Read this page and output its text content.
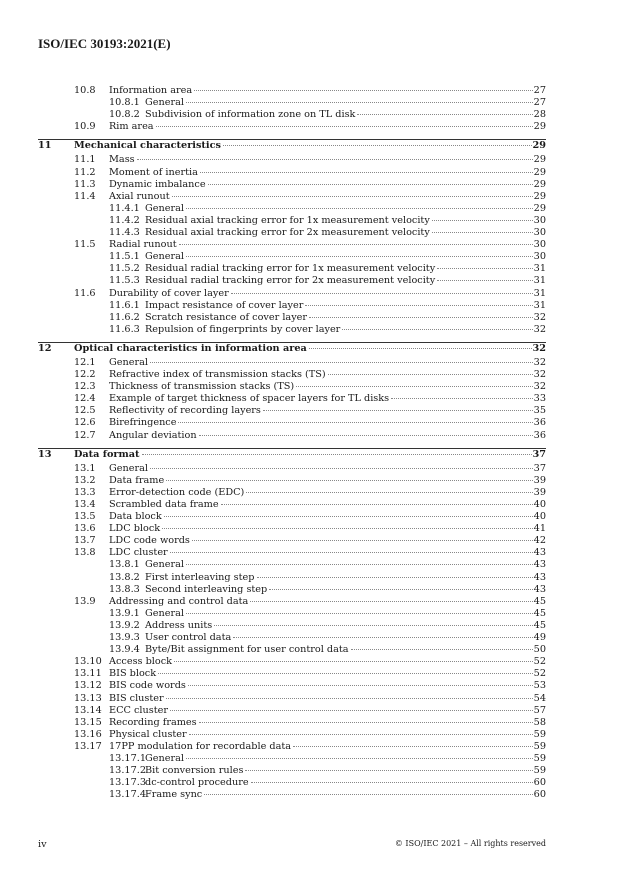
ISO/IEC 30193:2021(E)
10.8 Information area	27
10.8.1 General	27
10.8.2 Subdivision of information zone on TL disk	28
10.9 Rim area	29
11 Mechanical characteristics	29
11.1 Mass	29
11.2 Moment of inertia	29
11.3 Dynamic imbalance	29
11.4 Axial runout	29
11.4.1 General	29
11.4.2 Residual axial tracking error for 1x measurement velocity	30
11.4.3 Residual axial tracking error for 2x measurement velocity	30
11.5 Radial runout	30
11.5.1 General	30
11.5.2 Residual radial tracking error for 1x measurement velocity	31
11.5.3 Residual radial tracking error for 2x measurement velocity	31
11.6 Durability of cover layer	31
11.6.1 Impact resistance of cover layer	31
11.6.2 Scratch resistance of cover layer	32
11.6.3 Repulsion of fingerprints by cover layer	32
12 Optical characteristics in information area	32
12.1 General	32
12.2 Refractive index of transmission stacks (TS)	32
12.3 Thickness of transmission stacks (TS)	32
12.4 Example of target thickness of spacer layers for TL disks	33
12.5 Reflectivity of recording layers	35
12.6 Birefringence	36
12.7 Angular deviation	36
13 Data format	37
13.1 General	37
13.2 Data frame	39
13.3 Error-detection code (EDC)	39
13.4 Scrambled data frame	40
13.5 Data block	40
13.6 LDC block	41
13.7 LDC code words	42
13.8 LDC cluster	43
13.8.1 General	43
13.8.2 First interleaving step	43
13.8.3 Second interleaving step	43
13.9 Addressing and control data	45
13.9.1 General	45
13.9.2 Address units	45
13.9.3 User control data	49
13.9.4 Byte/Bit assignment for user control data	50
13.10 Access block	52
13.11 BIS block	52
13.12 BIS code words	53
13.13 BIS cluster	54
13.14 ECC cluster	57
13.15 Recording frames	58
13.16 Physical cluster	59
13.17 17PP modulation for recordable data	59
13.17.1 General	59
13.17.2 Bit conversion rules	59
13.17.3 dc-control procedure	60
13.17.4 Frame sync	60
iv	© ISO/IEC 2021 – All rights reserved
